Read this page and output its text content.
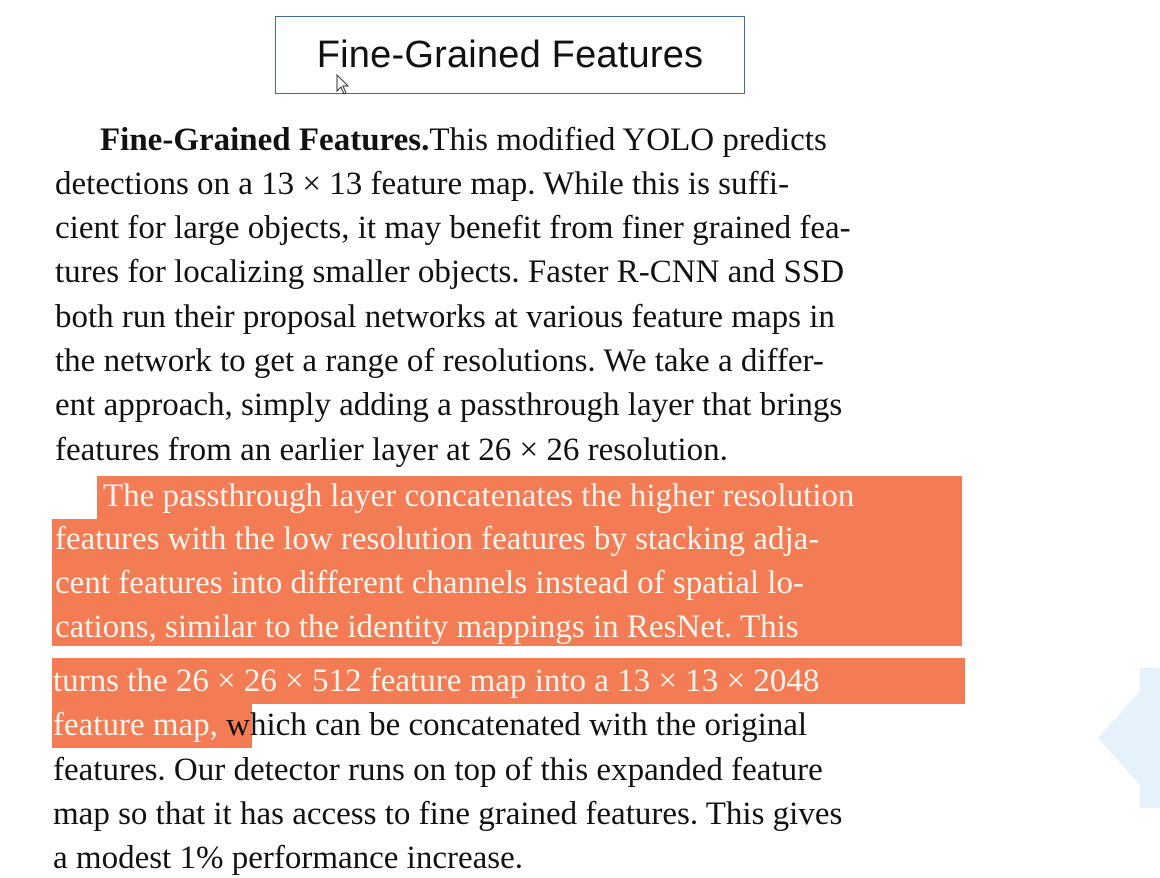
Fine-Grained Features
Fine-Grained Features.This modified YOLO predicts
detections on a 13 × 13 feature map. While this is suffi-
cient for large objects, it may benefit from finer grained fea-
tures for localizing smaller objects. Faster R-CNN and SSD
both run their proposal networks at various feature maps in
the network to get a range of resolutions. We take a differ-
ent approach, simply adding a passthrough layer that brings
features from an earlier layer at 26 × 26 resolution.
The passthrough layer concatenates the higher resolution
features with the low resolution features by stacking adja-
cent features into different channels instead of spatial lo-
cations, similar to the identity mappings in ResNet. This
turns the 26 × 26 × 512 feature map into a 13 × 13 × 2048
feature map, which can be concatenated with the original
features. Our detector runs on top of this expanded feature
map so that it has access to fine grained features. This gives
a modest 1% performance increase.
